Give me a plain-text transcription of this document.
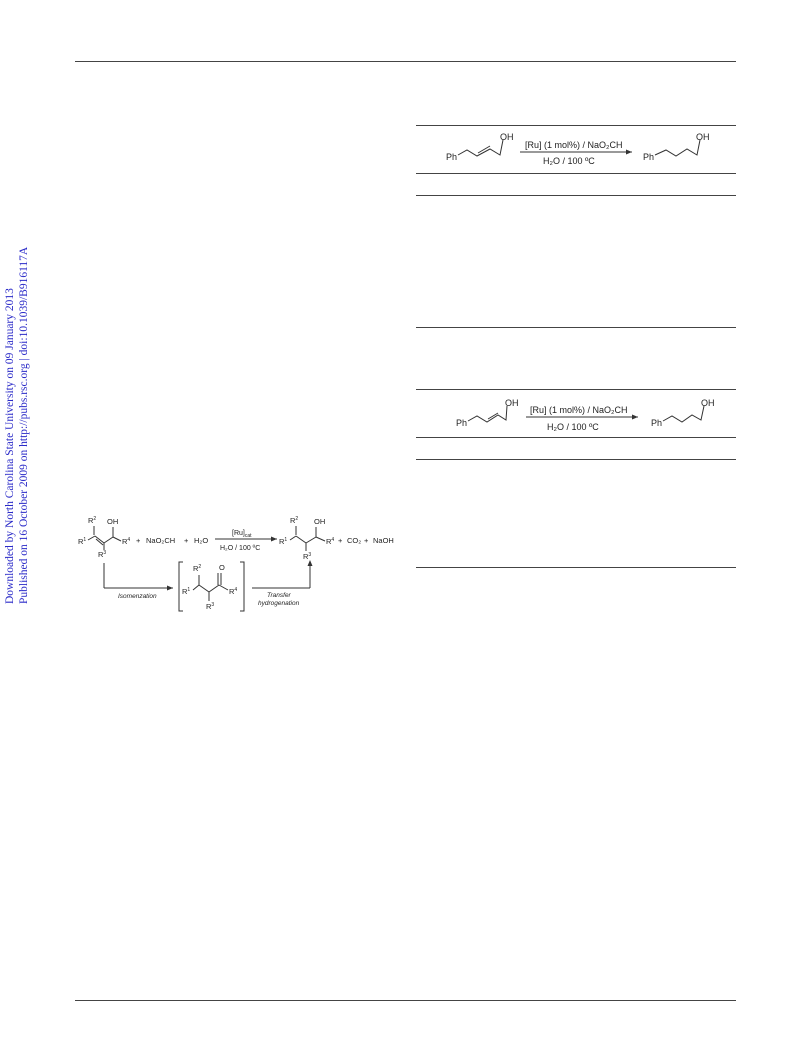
Downloaded by North Carolina State University on 09 January 2013 Published on 16 October 2009 on http://pubs.rsc.org | doi:10.1039/B916117A
Ph
OH
[Ru] (1 mol%) / NaO₂CH
H₂O / 100 ºC	Ph
OH
Ph
OH
[Ru] (1 mol%) / NaO₂CH
H₂O / 100 ºC	Ph
OH
$R^2$ OH
$R^1$	$R^4$
$R^3$
+ NaO₂CH + H₂O
$[Ru]_{cat}$
H₂O / 100 ºC
$R^2$ OH
$R^1$	$R^4$
$R^3$
+ CO₂ + NaOH
Isomenzation
$R^2$ O
$R^1$	$R^4$
$R^3$
Transfer
hydrogenation
